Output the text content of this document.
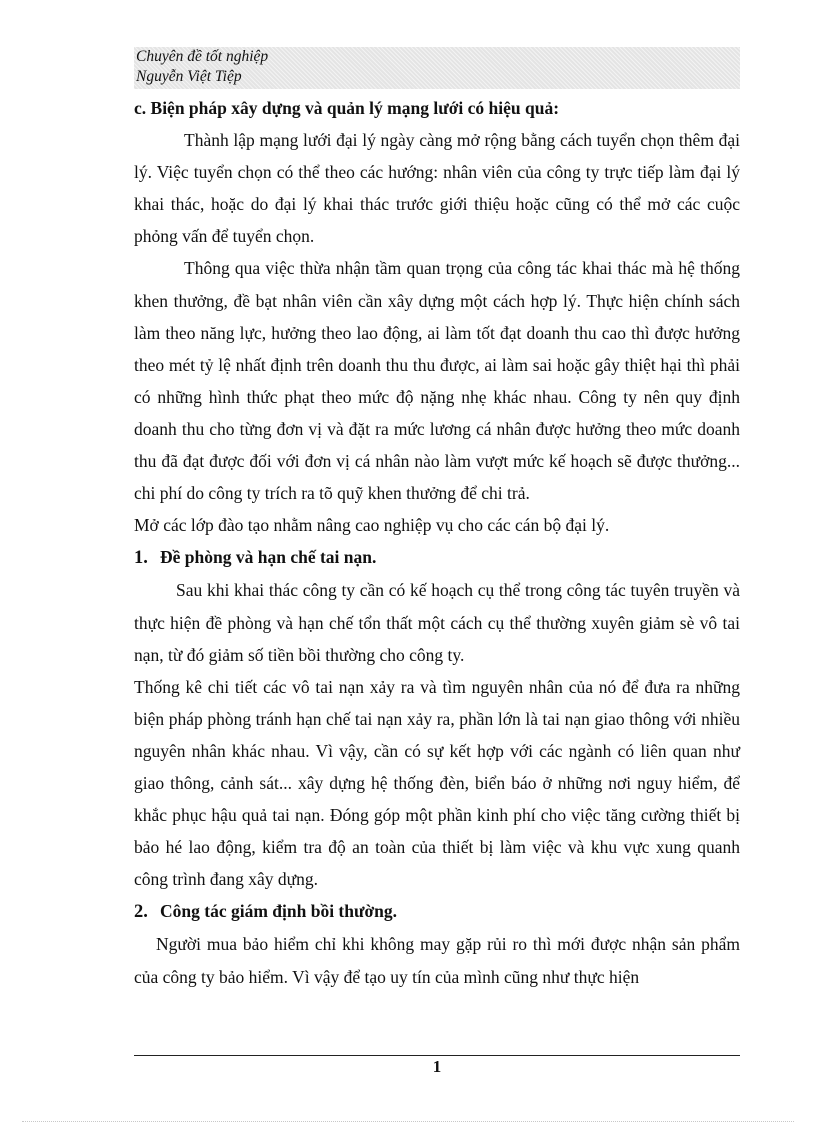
Chuyên đề tốt nghiệp
Nguyễn Việt Tiệp

c. Biện pháp xây dựng và quản lý mạng lưới có hiệu quả:

Thành lập mạng lưới đại lý ngày càng mở rộng bằng cách tuyển chọn thêm đại lý. Việc tuyển chọn có thể theo các hướng: nhân viên của công ty trực tiếp làm đại lý khai thác, hoặc do đại lý khai thác trước giới thiệu hoặc cũng có thể mở các cuộc phỏng vấn để tuyển chọn.

Thông qua việc thừa nhận tầm quan trọng của công tác khai thác mà hệ thống khen thưởng, đề bạt nhân viên cần xây dựng một cách hợp lý. Thực hiện chính sách làm theo năng lực, hưởng theo lao động, ai làm tốt đạt doanh thu cao thì được hưởng theo mét tỷ lệ nhất định trên doanh thu thu được, ai làm sai hoặc gây thiệt hại thì phải có những hình thức phạt theo mức độ nặng nhẹ khác nhau. Công ty nên quy định doanh thu cho từng đơn vị và đặt ra mức lương cá nhân được hưởng theo mức doanh thu đã đạt được đối với đơn vị cá nhân nào làm vượt mức kế hoạch sẽ được thưởng... chi phí do công ty trích ra tõ quỹ khen thưởng để chi trả.

Mở các lớp đào tạo nhằm nâng cao nghiệp vụ cho các cán bộ đại lý.

1. Đề phòng và hạn chế tai nạn.

Sau khi khai thác công ty cần có kế hoạch cụ thể trong công tác tuyên truyền và thực hiện đề phòng và hạn chế tổn thất một cách cụ thể thường xuyên giảm sè vô tai nạn, từ đó giảm số tiền bồi thường cho công ty.

Thống kê chi tiết các vô tai nạn xảy ra và tìm nguyên nhân của nó để đưa ra những biện pháp phòng tránh hạn chế tai nạn xảy ra, phần lớn là tai nạn giao thông với nhiều nguyên nhân khác nhau. Vì vậy, cần có sự kết hợp với các ngành có liên quan như giao thông, cảnh sát... xây dựng hệ thống đèn, biển báo ở những nơi nguy hiểm, để khắc phục hậu quả tai nạn. Đóng góp một phần kinh phí cho việc tăng cường thiết bị bảo hé lao động, kiểm tra độ an toàn của thiết bị làm việc và khu vực xung quanh công trình đang xây dựng.

2. Công tác giám định bồi thường.

Người mua bảo hiểm chỉ khi không may gặp rủi ro thì mới được nhận sản phẩm của công ty bảo hiểm. Vì vậy để tạo uy tín của mình cũng như thực hiện

1
